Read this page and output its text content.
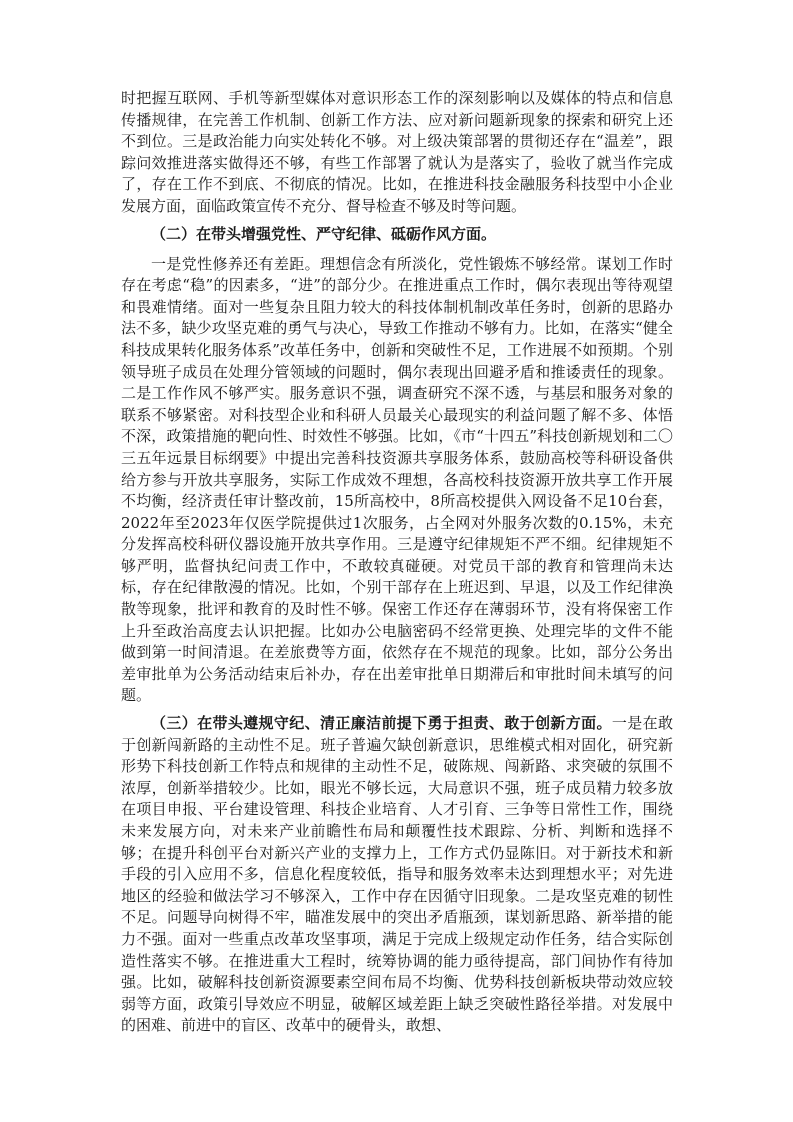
时把握互联网、手机等新型媒体对意识形态工作的深刻影响以及媒体的特点和信息传播规律，在完善工作机制、创新工作方法、应对新问题新现象的探索和研究上还不到位。三是政治能力向实处转化不够。对上级决策部署的贯彻还存在“温差”，跟踪问效推进落实做得还不够，有些工作部署了就认为是落实了，验收了就当作完成了，存在工作不到底、不彻底的情况。比如，在推进科技金融服务科技型中小企业发展方面，面临政策宣传不充分、督导检查不够及时等问题。

（二）在带头增强党性、严守纪律、砥砺作风方面。

一是党性修养还有差距。理想信念有所淡化，党性锻炼不够经常。谋划工作时存在考虑“稳”的因素多，“进”的部分少。在推进重点工作时，偶尔表现出等待观望和畏难情绪。面对一些复杂且阻力较大的科技体制机制改革任务时，创新的思路办法不多，缺少攻坚克难的勇气与决心，导致工作推动不够有力。比如，在落实“健全科技成果转化服务体系”改革任务中，创新和突破性不足，工作进展不如预期。个别领导班子成员在处理分管领域的问题时，偶尔表现出回避矛盾和推诿责任的现象。二是工作作风不够严实。服务意识不强，调查研究不深不透，与基层和服务对象的联系不够紧密。对科技型企业和科研人员最关心最现实的利益问题了解不多、体悟不深，政策措施的靶向性、时效性不够强。比如，《市“十四五”科技创新规划和二〇三五年远景目标纲要》中提出完善科技资源共享服务体系，鼓励高校等科研设备供给方参与开放共享服务，实际工作成效不理想，各高校科技资源开放共享工作开展不均衡，经济责任审计整改前，15所高校中，8所高校提供入网设备不足10台套，2022年至2023年仅医学院提供过1次服务，占全网对外服务次数的0.15%，未充分发挥高校科研仪器设施开放共享作用。三是遵守纪律规矩不严不细。纪律规矩不够严明，监督执纪问责工作中，不敢较真碰硬。对党员干部的教育和管理尚未达标，存在纪律散漫的情况。比如，个别干部存在上班迟到、早退，以及工作纪律涣散等现象，批评和教育的及时性不够。保密工作还存在薄弱环节，没有将保密工作上升至政治高度去认识把握。比如办公电脑密码不经常更换、处理完毕的文件不能做到第一时间清退。在差旅费等方面，依然存在不规范的现象。比如，部分公务出差审批单为公务活动结束后补办，存在出差审批单日期滞后和审批时间未填写的问题。

（三）在带头遵规守纪、清正廉洁前提下勇于担责、敢于创新方面。一是在敢于创新闯新路的主动性不足。班子普遍欠缺创新意识，思维模式相对固化，研究新形势下科技创新工作特点和规律的主动性不足，破陈规、闯新路、求突破的氛围不浓厚，创新举措较少。比如，眼光不够长远，大局意识不强，班子成员精力较多放在项目申报、平台建设管理、科技企业培育、人才引育、三争等日常性工作，围绕未来发展方向，对未来产业前瞻性布局和颠覆性技术跟踪、分析、判断和选择不够；在提升科创平台对新兴产业的支撑力上，工作方式仍显陈旧。对于新技术和新手段的引入应用不多，信息化程度较低，指导和服务效率未达到理想水平；对先进地区的经验和做法学习不够深入，工作中存在因循守旧现象。二是攻坚克难的韧性不足。问题导向树得不牢，瞄准发展中的突出矛盾瓶颈，谋划新思路、新举措的能力不强。面对一些重点改革攻坚事项，满足于完成上级规定动作任务，结合实际创造性落实不够。在推进重大工程时，统筹协调的能力亟待提高，部门间协作有待加强。比如，破解科技创新资源要素空间布局不均衡、优势科技创新板块带动效应较弱等方面，政策引导效应不明显，破解区域差距上缺乏突破性路径举措。对发展中的困难、前进中的盲区、改革中的硬骨头，敢想、
